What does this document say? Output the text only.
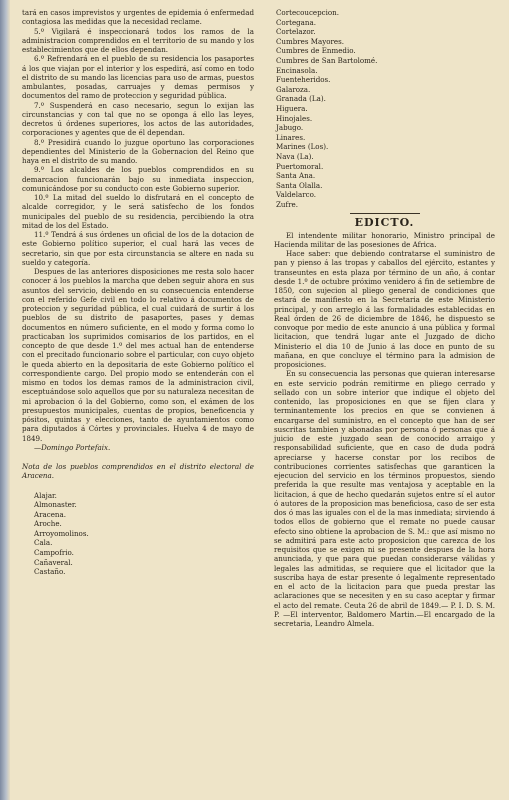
tará en casos imprevistos y urgentes de epidemia ó enfermedad contagiosa las medidas que la necesidad reclame.

5.º Vigilará é inspeccionará todos los ramos de la administracion comprendidos en el territorio de su mando y los establecimientos que de ellos dependan.

6.º Refrendará en el pueblo de su residencia los pasaportes á los que viajan por el interior y los espedirá, así como en todo el distrito de su mando las licencias para uso de armas, puestos ambulantes, posadas, carruajes y demas permisos y documentos del ramo de proteccion y seguridad pública.

7.º Suspenderá en caso necesario, segun lo exijan las circunstancias y con tal que no se oponga á ello las leyes, decretos ú órdenes superiores, los actos de las autoridades, corporaciones y agentes que de él dependan.

8.º Presidirá cuando lo juzgue oportuno las corporaciones dependientes del Ministerio de la Gobernacion del Reino que haya en el distrito de su mando.

9.º Los alcaldes de los pueblos comprendidos en su demarcacion funcionarán bajo su inmediata inspeccion, comunicándose por su conducto con este Gobierno superior.

10.º La mitad del sueldo lo disfrutará en el concepto de alcalde corregidor, y le será satisfecho de los fondos municipales del pueblo de su residencia, percibiendo la otra mitad de los del Estado.

11.º Tendrá á sus órdenes un oficial de los de la dotacion de este Gobierno político superior, el cual hará las veces de secretario, sin que por esta circunstancia se altere en nada su sueldo y categoría.

Despues de las anteriores disposiciones me resta solo hacer conocer á los pueblos la marcha que deben seguir ahora en sus asuntos del servicio, debiendo en su consecuencia entenderse con el referido Gefe civil en todo lo relativo á documentos de proteccion y seguridad pública, el cual cuidará de surtir á los pueblos de su distrito de pasaportes, pases y demas documentos en número suficiente, en el modo y forma como lo practicaban los suprimidos comisarios de los partidos, en el concepto de que desde 1.º del mes actual han de entenderse con el precitado funcionario sobre el particular, con cuyo objeto le queda abierto en la depositaria de este Gobierno político el correspondiente cargo. Del propio modo se entenderán con el mismo en todos los demas ramos de la administracion civil, esceptuándose solo aquellos que por su naturaleza necesitan de mi aprobacion ó la del Gobierno, como son, el exámen de los presupuestos municipales, cuentas de propios, beneficencia y pósitos, quintas y elecciones, tanto de ayuntamientos como para diputados á Córtes y provinciales. Huelva 4 de mayo de 1849.

—Domingo Portefaix.

Nota de los pueblos comprendidos en el distrito electoral de Aracena.

Alajar.
Almonaster.
Aracena.
Aroche.
Arroyomolinos.
Cala.
Campofrio.
Cañaveral.
Castaño.
Cortecoucepcion.
Cortegana.
Cortelazor.
Cumbres Mayores.
Cumbres de Enmedio.
Cumbres de San Bartolomé.
Encinasola.
Fuenteheridos.
Galaroza.
Granada (La).
Higuera.
Hinojales.
Jabugo.
Linares.
Marines (Los).
Nava (La).
Puertomoral.
Santa Ana.
Santa Olalla.
Valdelarco.
Zufre.

EDICTO.

El intendente militar honorario, Ministro principal de Hacienda militar de las posesiones de Africa.

Hace saber: que debiendo contratarse el suministro de pan y pienso á las tropas y caballos del ejército, estantes y transeuntes en esta plaza por término de un año, á contar desde 1.º de octubre próximo venidero á fin de setiembre de 1850, con sujecion al pliego general de condiciones que estará de manifiesto en la Secretaria de este Ministerio principal, y con arreglo á las formalidades establecidas en Real órden de 26 de diciembre de 1846, he dispuesto se convoque por medio de este anuncio á una pública y formal licitacion, que tendrá lugar ante el Juzgado de dicho Ministerio el dia 10 de Junio á las doce en punto de su mañana, en que concluye el término para la admision de proposiciones.

En su consecuencia las personas que quieran interesarse en este servicio podrán remitirme en pliego cerrado y sellado con un sobre interior que indique el objeto del contenido, las proposiciones en que se fijen clara y terminantemente los precios en que se convienen á encargarse del suministro, en el concepto que han de ser suscritas tambien y abonadas por persona ó personas que á juicio de este juzgado sean de conocido arraigo y responsabilidad suficiente, que en caso de duda podrá apreciarse y hacerse constar por los recibos de contribuciones corrientes satisfechas que garanticen la ejecucion del servicio en los términos propuestos, siendo preferida la que resulte mas ventajosa y aceptable en la licitacion, á que de hecho quedarán sujetos entre sí el autor ó autores de la proposicion mas beneficiosa, caso de ser esta dos ó mas las iguales con el de la mas inmediata; sirviendo á todos ellos de gobierno que el remate no puede causar efecto sino obtiene la aprobacion de S. M.: que así mismo no se admitirá para este acto proposicion que carezca de los requisitos que se exigen ni se presente despues de la hora anunciada, y que para que puedan considerarse válidas y legales las admitidas, se requiere que el licitador que la suscriba haya de estar presente ó legalmente representado en el acto de la licitacion para que pueda prestar las aclaraciones que se necesiten y en su caso aceptar y firmar el acto del remate. Ceuta 26 de abril de 1849.— P. I. D. S. M. P. —El interventor, Baldomero Martin.—El encargado de la secretaria, Leandro Almela.
